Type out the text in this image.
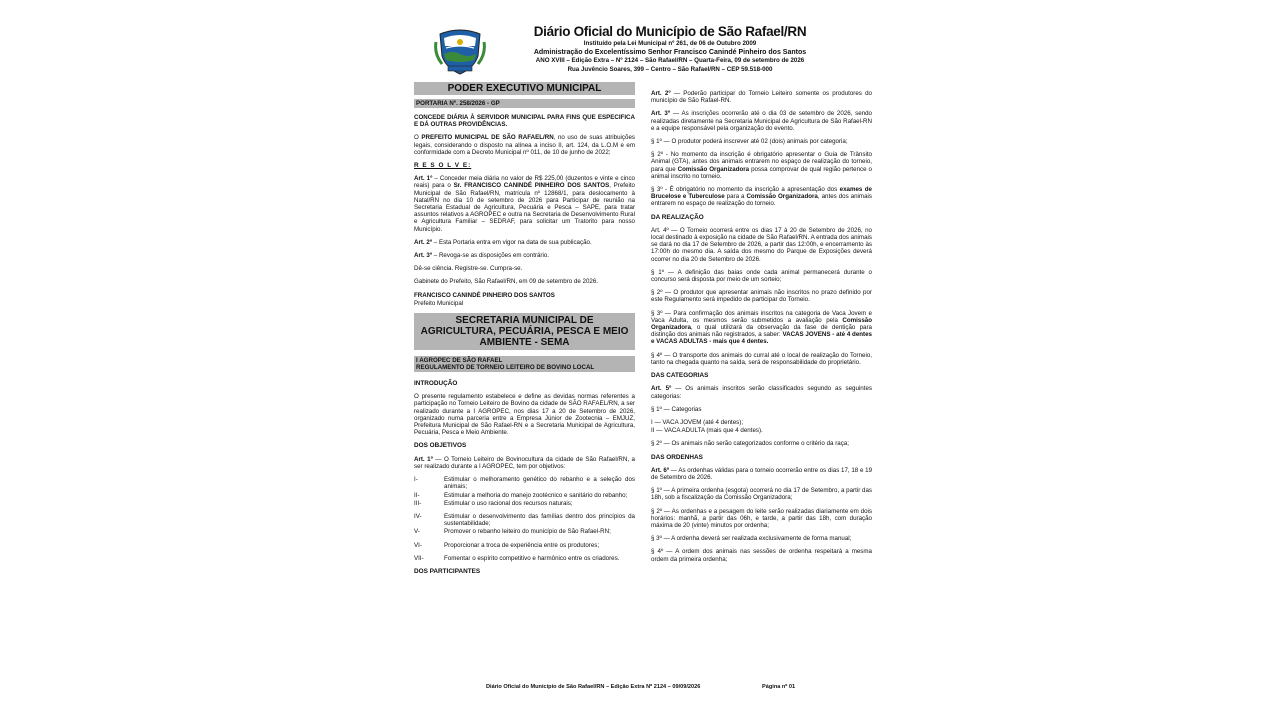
Diário Oficial do Município de São Rafael/RN
Instituído pela Lei Municipal nº 261, de 06 de Outubro 2009
Administração do Excelentíssimo Senhor Francisco Canindé Pinheiro dos Santos
ANO XVIII – Edição Extra – Nº 2124 – São Rafael/RN – Quarta-Feira, 09 de setembro de 2026
Rua Juvêncio Soares, 399 – Centro – São Rafael/RN – CEP 59.518-000
PODER EXECUTIVO MUNICIPAL
PORTARIA Nº. 258/2026 - GP

CONCEDE DIÁRIA À SERVIDOR MUNICIPAL PARA FINS QUE ESPECIFICA E DÁ OUTRAS PROVIDÊNCIAS.

O PREFEITO MUNICIPAL DE SÃO RAFAEL/RN, no uso de suas atribuições legais, considerando o disposto na alínea a inciso II, art. 124, da L.O.M e em conformidade com a Decreto Municipal nº 011, de 10 de junho de 2022;

R E S O L V E:

Art. 1º – Conceder meia diária no valor de R$ 225,00 (duzentos e vinte e cinco reais) para o Sr. FRANCISCO CANINDÉ PINHEIRO DOS SANTOS, Prefeito Municipal de São Rafael/RN, matrícula nº 12868/1, para deslocamento à Natal/RN no dia 10 de setembro de 2026 para Participar de reunião na Secretaria Estadual de Agricultura, Pecuária e Pesca – SAPE, para tratar assuntos relativos a AGROPEC e outra na Secretaria de Desenvolvimento Rural e Agricultura Familiar – SEDRAF, para solicitar um Tratorito para nosso Município.

Art. 2º – Esta Portaria entra em vigor na data de sua publicação.

Art. 3º – Revoga-se as disposições em contrário.

Dê-se ciência. Registre-se. Cumpra-se.

Gabinete do Prefeito, São Rafael/RN, em 09 de setembro de 2026.

FRANCISCO CANINDÉ PINHEIRO DOS SANTOS

Prefeito Municipal

SECRETARIA MUNICIPAL DE AGRICULTURA, PECUÁRIA, PESCA E MEIO AMBIENTE - SEMA
I AGROPEC DE SÃO RAFAEL
REGULAMENTO DE TORNEIO LEITEIRO DE BOVINO LOCAL
INTRODUÇÃO

O presente regulamento estabelece e define as devidas normas referentes a participação no Torneio Leiteiro de Bovino da cidade de SÃO RAFAEL/RN, a ser realizado durante a I AGROPEC, nos dias 17 a 20 de Setembro de 2026, organizado numa parceria entre a Empresa Júnior de Zootecnia – EMJUZ, Prefeitura Municipal de São Rafael-RN e a Secretaria Municipal de Agricultura, Pecuária, Pesca e Meio Ambiente.

DOS OBJETIVOS

Art. 1º — O Torneio Leiteiro de Bovinocultura da cidade de São Rafael/RN, a ser realizado durante a I AGROPEC, tem por objetivos:

I-	Estimular o melhoramento genético do rebanho e a seleção dos animais;
II-	Estimular a melhoria do manejo zootécnico e sanitário do rebanho;
III-	Estimular o uso racional dos recursos naturais;
IV-	Estimular o desenvolvimento das famílias dentro dos princípios da sustentabilidade;
V-	Promover o rebanho leiteiro do município de São Rafael-RN;
VI-	Proporcionar a troca de experiência entre os produtores;
VII-	Fomentar o espírito competitivo e harmônico entre os criadores.
DOS PARTICIPANTES

Art. 2º — Poderão participar do Torneio Leiteiro somente os produtores do município de São Rafael-RN.

Art. 3º — As inscrições ocorrerão até o dia 03 de setembro de 2026, sendo realizadas diretamente na Secretaria Municipal de Agricultura de São Rafael-RN e a equipe responsável pela organização do evento.

§ 1º — O produtor poderá inscrever até 02 (dois) animais por categoria;

§ 2º - No momento da inscrição é obrigatório apresentar o Guia de Trânsito Animal (GTA), antes dos animais entrarem no espaço de realização do torneio, para que Comissão Organizadora possa comprovar de qual região pertence o animal inscrito no torneio.

§ 3º - É obrigatório no momento da inscrição a apresentação dos exames de Brucelose e Tuberculose para a Comissão Organizadora, antes dos animais entrarem no espaço de realização do torneio.

DA REALIZAÇÃO

Art. 4º — O Torneio ocorrerá entre os dias 17 à 20 de Setembro de 2026, no local destinado à exposição na cidade de São Rafael/RN. A entrada dos animais se dará no dia 17 de Setembro de 2026, a partir das 12:00h, e encerramento às 17:00h do mesmo dia. A saída dos mesmo do Parque de Exposições deverá ocorrer no dia 20 de Setembro de 2026.

§ 1º — A definição das baias onde cada animal permanecerá durante o concurso será disposta por meio de um sorteio;

§ 2º — O produtor que apresentar animais não inscritos no prazo definido por este Regulamento será impedido de participar do Torneio.

§ 3º — Para confirmação dos animais inscritos na categoria de Vaca Jovem e Vaca Adulta, os mesmos serão submetidos a avaliação pela Comissão Organizadora, o qual utilizará da observação da fase de dentição para distinção dos animais não registrados, a saber: VACAS JOVENS - até 4 dentes e VACAS ADULTAS - mais que 4 dentes.

§ 4º — O transporte dos animais do curral até o local de realização do Torneio, tanto na chegada quanto na saída, será de responsabilidade do proprietário.

DAS CATEGORIAS

Art. 5º — Os animais inscritos serão classificados segundo as seguintes categorias:

§ 1º — Categorias

I — VACA JOVEM (até 4 dentes);

II — VACA ADULTA (mais que 4 dentes).

§ 2º — Os animais não serão categorizados conforme o critério da raça;

DAS ORDENHAS

Art. 6º — As ordenhas válidas para o torneio ocorrerão entre os dias 17, 18 e 19 de Setembro de 2026.

§ 1º — A primeira ordenha (esgota) ocorrerá no dia 17 de Setembro, a partir das 18h, sob a fiscalização da Comissão Organizadora;

§ 2º — As ordenhas e a pesagem do leite serão realizadas diariamente em dois horários: manhã, a partir das 06h, e tarde, a partir das 18h, com duração máxima de 20 (vinte) minutos por ordenha;

§ 3º — A ordenha deverá ser realizada exclusivamente de forma manual;

§ 4º — A ordem dos animais nas sessões de ordenha respeitará a mesma ordem da primeira ordenha;

Diário Oficial do Município de São Rafael/RN – Edição Extra Nº 2124 – 09/09/2026	Página nº 01
